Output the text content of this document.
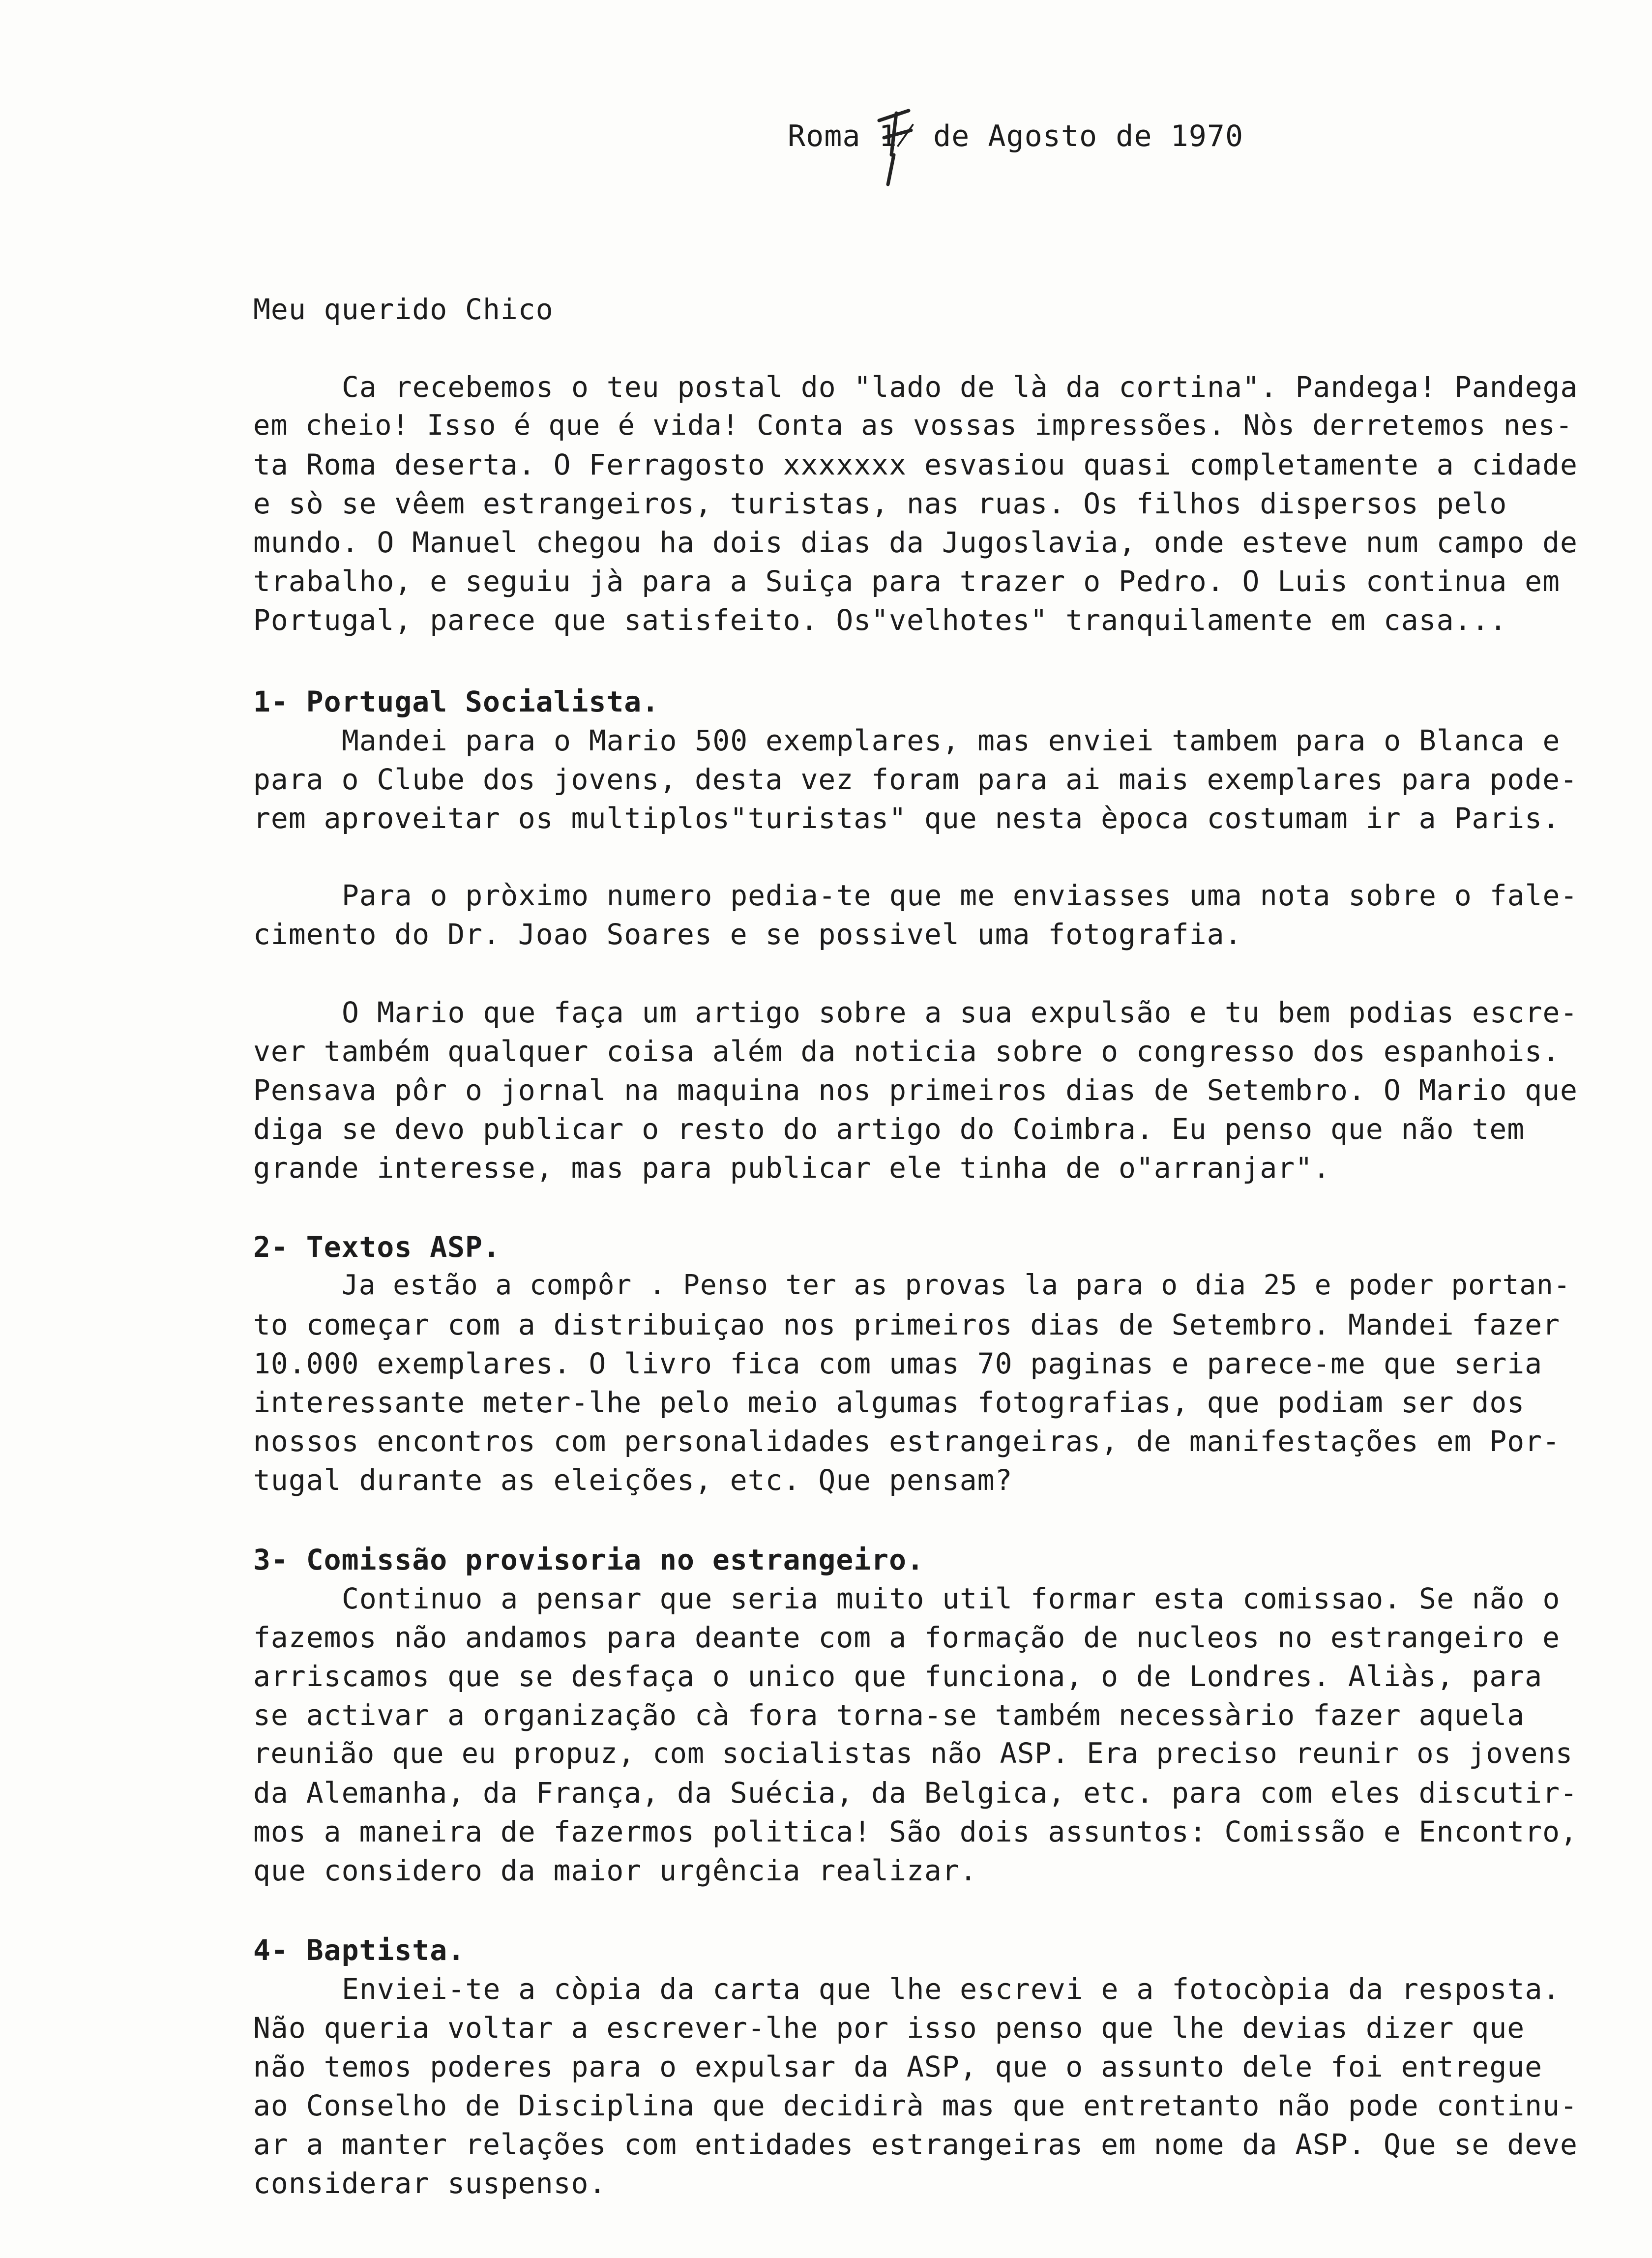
Roma 1̸ de Agosto de 1970
Meu querido Chico
Ca recebemos o teu postal do "lado de là da cortina". Pandega! Pandega
em cheio! Isso é que é vida! Conta as vossas impressões. Nòs derretemos nes-
ta Roma deserta. O Ferragosto xxxxxxx esvasiou quasi completamente a cidade
e sò se vêem estrangeiros, turistas, nas ruas. Os filhos dispersos pelo
mundo. O Manuel chegou ha dois dias da Jugoslavia, onde esteve num campo de
trabalho, e seguiu jà para a Suiça para trazer o Pedro. O Luis continua em
Portugal, parece que satisfeito. Os"velhotes" tranquilamente em casa...
1- Portugal Socialista.
Mandei para o Mario 500 exemplares, mas enviei tambem para o Blanca e
para o Clube dos jovens, desta vez foram para ai mais exemplares para pode-
rem aproveitar os multiplos"turistas" que nesta època costumam ir a Paris.
Para o pròximo numero pedia-te que me enviasses uma nota sobre o fale-
cimento do Dr. Joao Soares e se possivel uma fotografia.
O Mario que faça um artigo sobre a sua expulsão e tu bem podias escre-
ver também qualquer coisa além da noticia sobre o congresso dos espanhois.
Pensava pôr o jornal na maquina nos primeiros dias de Setembro. O Mario que
diga se devo publicar o resto do artigo do Coimbra. Eu penso que não tem
grande interesse, mas para publicar ele tinha de o"arranjar".
2- Textos ASP.
Ja estão a compôr . Penso ter as provas la para o dia 25 e poder portan-
to começar com a distribuiçao nos primeiros dias de Setembro. Mandei fazer
10.000 exemplares. O livro fica com umas 70 paginas e parece-me que seria
interessante meter-lhe pelo meio algumas fotografias, que podiam ser dos
nossos encontros com personalidades estrangeiras, de manifestações em Por-
tugal durante as eleições, etc. Que pensam?
3- Comissão provisoria no estrangeiro.
Continuo a pensar que seria muito util formar esta comissao. Se não o
fazemos não andamos para deante com a formação de nucleos no estrangeiro e
arriscamos que se desfaça o unico que funciona, o de Londres. Aliàs, para
se activar a organização cà fora torna-se também necessàrio fazer aquela
reunião que eu propuz, com socialistas não ASP. Era preciso reunir os jovens
da Alemanha, da França, da Suécia, da Belgica, etc. para com eles discutir-
mos a maneira de fazermos politica! São dois assuntos: Comissão e Encontro,
que considero da maior urgência realizar.
4- Baptista.
Enviei-te a còpia da carta que lhe escrevi e a fotocòpia da resposta.
Não queria voltar a escrever-lhe por isso penso que lhe devias dizer que
não temos poderes para o expulsar da ASP, que o assunto dele foi entregue
ao Conselho de Disciplina que decidirà mas que entretanto não pode continu-
ar a manter relações com entidades estrangeiras em nome da ASP. Que se deve
considerar suspenso.
